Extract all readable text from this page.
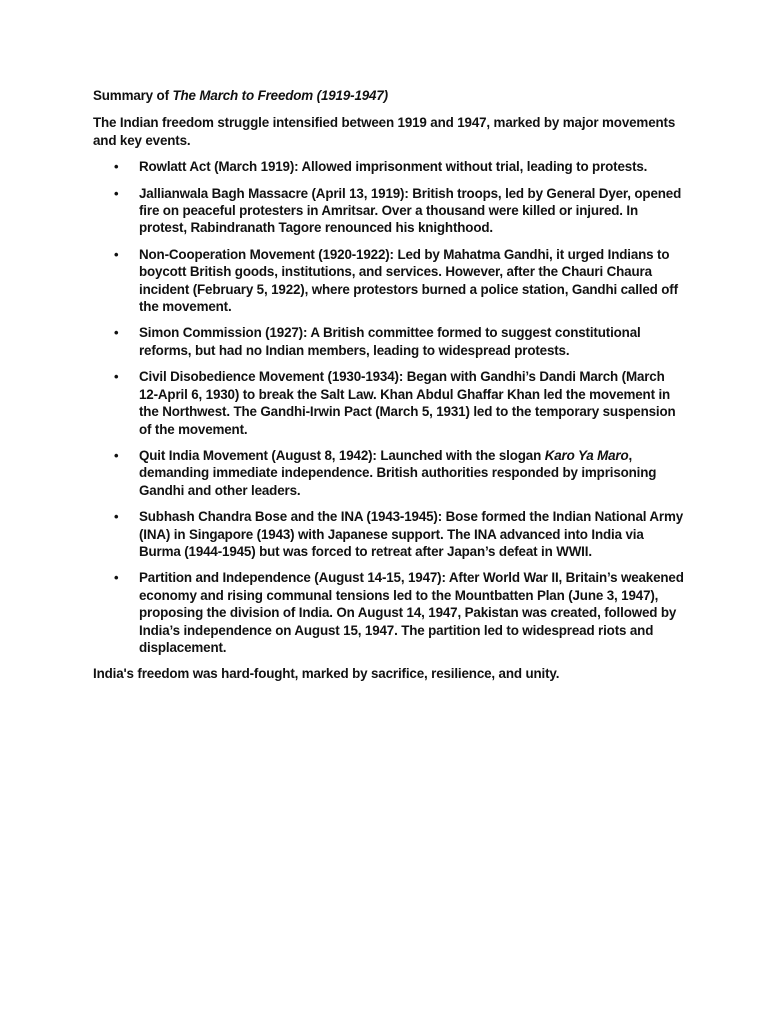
Summary of The March to Freedom (1919-1947)

The Indian freedom struggle intensified between 1919 and 1947, marked by major movements and key events.

• Rowlatt Act (March 1919): Allowed imprisonment without trial, leading to protests.
• Jallianwala Bagh Massacre (April 13, 1919): British troops, led by General Dyer, opened fire on peaceful protesters in Amritsar. Over a thousand were killed or injured. In protest, Rabindranath Tagore renounced his knighthood.
• Non-Cooperation Movement (1920-1922): Led by Mahatma Gandhi, it urged Indians to boycott British goods, institutions, and services. However, after the Chauri Chaura incident (February 5, 1922), where protestors burned a police station, Gandhi called off the movement.
• Simon Commission (1927): A British committee formed to suggest constitutional reforms, but had no Indian members, leading to widespread protests.
• Civil Disobedience Movement (1930-1934): Began with Gandhi’s Dandi March (March 12-April 6, 1930) to break the Salt Law. Khan Abdul Ghaffar Khan led the movement in the Northwest. The Gandhi-Irwin Pact (March 5, 1931) led to the temporary suspension of the movement.
• Quit India Movement (August 8, 1942): Launched with the slogan Karo Ya Maro, demanding immediate independence. British authorities responded by imprisoning Gandhi and other leaders.
• Subhash Chandra Bose and the INA (1943-1945): Bose formed the Indian National Army (INA) in Singapore (1943) with Japanese support. The INA advanced into India via Burma (1944-1945) but was forced to retreat after Japan’s defeat in WWII.
• Partition and Independence (August 14-15, 1947): After World War II, Britain’s weakened economy and rising communal tensions led to the Mountbatten Plan (June 3, 1947), proposing the division of India. On August 14, 1947, Pakistan was created, followed by India’s independence on August 15, 1947. The partition led to widespread riots and displacement.

India's freedom was hard-fought, marked by sacrifice, resilience, and unity.
